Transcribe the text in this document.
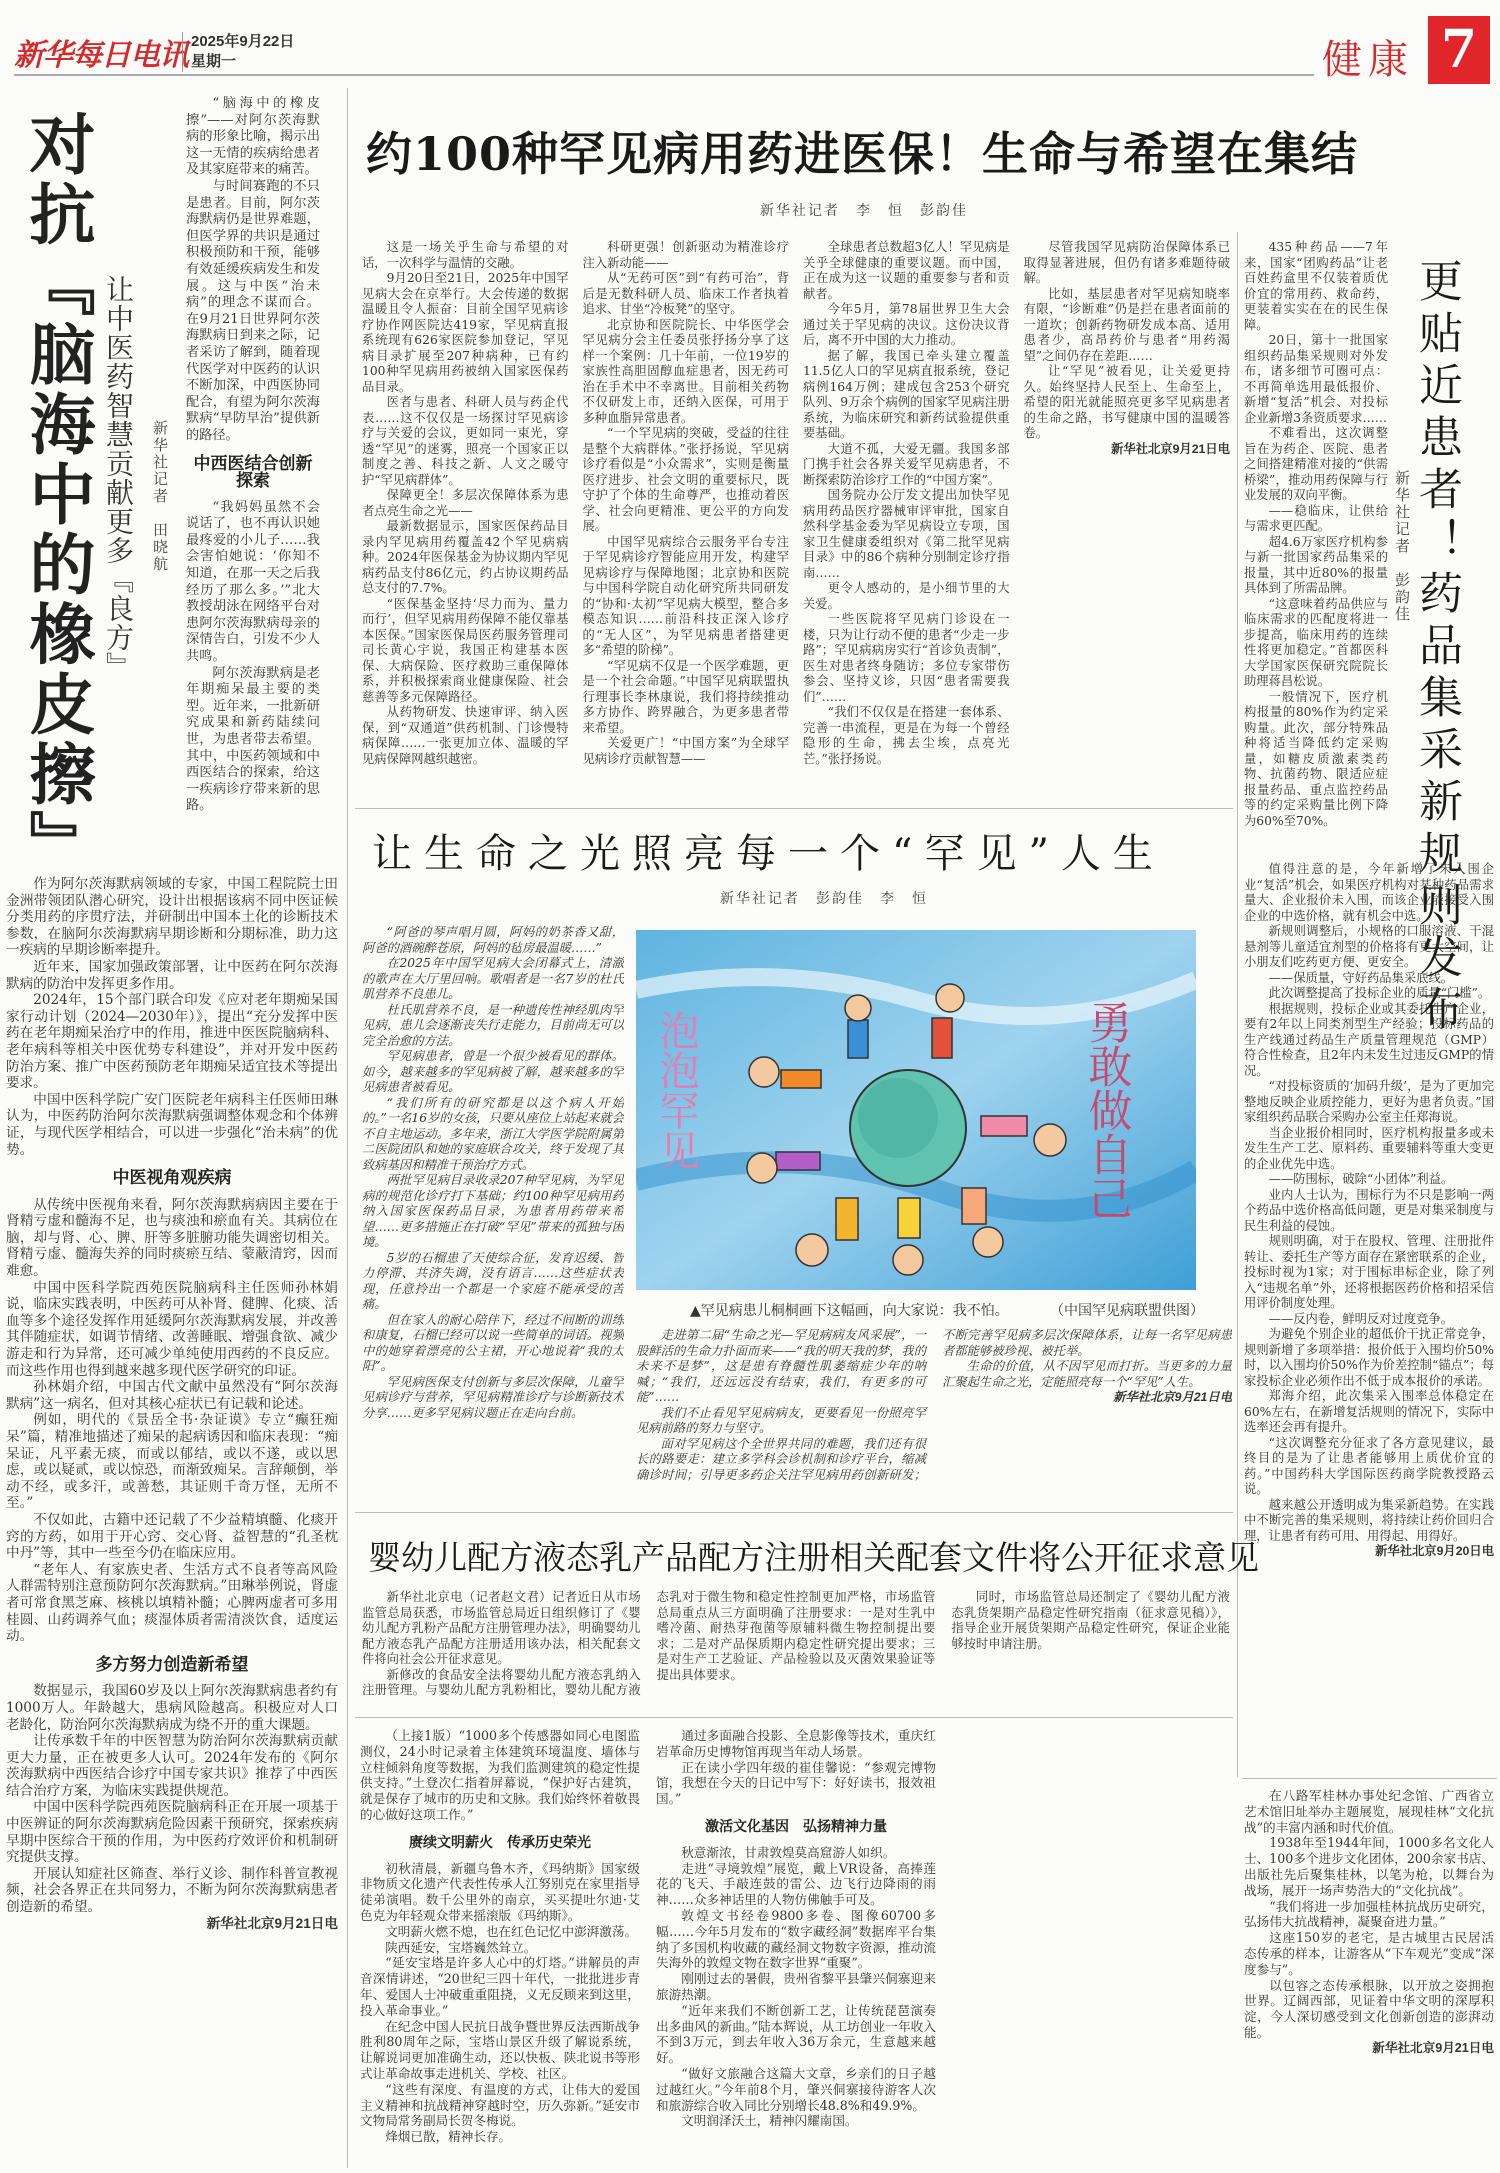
新华每日电讯 2025年9月22日
星期一	健康 7
对抗『脑海中的橡皮擦』 让中医药智慧贡献更多『良方』 新华社记者　田晓航

“脑海中的橡皮擦”——对阿尔茨海默病的形象比喻，揭示出这一无情的疾病给患者及其家庭带来的痛苦。

与时间赛跑的不只是患者。目前，阿尔茨海默病仍是世界难题，但医学界的共识是通过积极预防和干预，能够有效延缓疾病发生和发展。这与中医“治未病”的理念不谋而合。在9月21日世界阿尔茨海默病日到来之际，记者采访了解到，随着现代医学对中医药的认识不断加深，中西医协同配合，有望为阿尔茨海默病“早防早治”提供新的路径。

中西医结合创新探索

“我妈妈虽然不会说话了，也不再认识她最疼爱的小儿子……我会害怕她说：‘你知不知道，在那一天之后我经历了那么多。’”北大教授胡泳在网络平台对患阿尔茨海默病母亲的深情告白，引发不少人共鸣。

阿尔茨海默病是老年期痴呆最主要的类型。近年来，一批新研究成果和新药陆续问世，为患者带去希望。其中，中医药领域和中西医结合的探索，给这一疾病诊疗带来新的思路。

作为阿尔茨海默病领域的专家，中国工程院院士田金洲带领团队潜心研究，设计出根据该病不同中医证候分类用药的序贯疗法，并研制出中国本土化的诊断技术参数，在脑阿尔茨海默病早期诊断和分期标准，助力这一疾病的早期诊断率提升。

近年来，国家加强政策部署，让中医药在阿尔茨海默病的防治中发挥更多作用。

2024年，15个部门联合印发《应对老年期痴呆国家行动计划（2024—2030年）》，提出“充分发挥中医药在老年期痴呆治疗中的作用，推进中医医院脑病科、老年病科等相关中医优势专科建设”，并对开发中医药防治方案、推广中医药预防老年期痴呆适宜技术等提出要求。

中国中医科学院广安门医院老年病科主任医师田琳认为，中医药防治阿尔茨海默病强调整体观念和个体辨证，与现代医学相结合，可以进一步强化“治未病”的优势。

中医视角观疾病

从传统中医视角来看，阿尔茨海默病病因主要在于肾精亏虚和髓海不足，也与痰浊和瘀血有关。其病位在脑，却与肾、心、脾、肝等多脏腑功能失调密切相关。肾精亏虚、髓海失养的同时痰瘀互结、蒙蔽清窍，因而难愈。

中国中医科学院西苑医院脑病科主任医师孙林娟说，临床实践表明，中医药可从补肾、健脾、化痰、活血等多个途径发挥作用延缓阿尔茨海默病发展，并改善其伴随症状，如调节情绪、改善睡眠、增强食欲、减少游走和行为异常，还可减少单纯使用西药的不良反应。而这些作用也得到越来越多现代医学研究的印证。

孙林娟介绍，中国古代文献中虽然没有“阿尔茨海默病”这一病名，但对其核心症状已有记载和论述。

例如，明代的《景岳全书·杂证谟》专立“癫狂痴呆”篇，精准地描述了痴呆的起病诱因和临床表现：“痴呆证，凡平素无痰，而或以郁结，或以不遂，或以思虑，或以疑贰，或以惊恐，而渐致痴呆。言辞颠倒，举动不经，或多汗，或善愁，其证则千奇万怪，无所不至。”

不仅如此，古籍中还记载了不少益精填髓、化痰开窍的方药，如用于开心窍、交心肾、益智慧的“孔圣枕中丹”等，其中一些至今仍在临床应用。

“老年人、有家族史者、生活方式不良者等高风险人群需特别注意预防阿尔茨海默病。”田琳举例说，肾虚者可常食黑芝麻、核桃以填精补髓；心脾两虚者可多用桂圆、山药调养气血；痰湿体质者需清淡饮食，适度运动。

多方努力创造新希望

数据显示，我国60岁及以上阿尔茨海默病患者约有1000万人。年龄越大，患病风险越高。积极应对人口老龄化，防治阿尔茨海默病成为绕不开的重大课题。

让传承数千年的中医智慧为防治阿尔茨海默病贡献更大力量，正在被更多人认可。2024年发布的《阿尔茨海默病中西医结合诊疗中国专家共识》推荐了中西医结合治疗方案，为临床实践提供规范。

中国中医科学院西苑医院脑病科正在开展一项基于中医辨证的阿尔茨海默病危险因素干预研究，探索疾病早期中医综合干预的作用，为中医药疗效评价和机制研究提供支撑。

开展认知症社区筛查、举行义诊、制作科普宣教视频，社会各界正在共同努力，不断为阿尔茨海默病患者创造新的希望。

新华社北京9月21日电

约100种罕见病用药进医保！生命与希望在集结
新华社记者　李　恒　彭韵佳

这是一场关乎生命与希望的对话，一次科学与温情的交融。

9月20日至21日，2025年中国罕见病大会在京举行。大会传递的数据温暖且令人振奋：目前全国罕见病诊疗协作网医院达419家，罕见病直报系统现有626家医院参加登记，罕见病目录扩展至207种病种，已有约100种罕见病用药被纳入国家医保药品目录。

医者与患者、科研人员与药企代表……这不仅仅是一场探讨罕见病诊疗与关爱的会议，更如同一束光，穿透“罕见”的迷雾，照亮一个国家正以制度之善、科技之新、人文之暖守护“罕见病群体”。

保障更全！多层次保障体系为患者点亮生命之光——

最新数据显示，国家医保药品目录内罕见病用药覆盖42个罕见病病种。2024年医保基金为协议期内罕见病药品支付86亿元，约占协议期药品总支付的7.7%。

“医保基金坚持‘尽力而为、量力而行’，但罕见病用药保障不能仅靠基本医保。”国家医保局医药服务管理司司长黄心宇说，我国正构建基本医保、大病保险、医疗救助三重保障体系，并积极探索商业健康保险、社会慈善等多元保障路径。

从药物研发、快速审评、纳入医保，到“双通道”供药机制、门诊慢特病保障……一张更加立体、温暖的罕见病保障网越织越密。

科研更强！创新驱动为精准诊疗注入新动能——

从“无药可医”到“有药可治”，背后是无数科研人员、临床工作者执着追求、甘坐“冷板凳”的坚守。

北京协和医院院长、中华医学会罕见病分会主任委员张抒扬分享了这样一个案例：几十年前，一位19岁的家族性高胆固醇血症患者，因无药可治在手术中不幸离世。目前相关药物不仅研发上市，还纳入医保，可用于多种血脂异常患者。

“一个罕见病的突破，受益的往往是整个大病群体。”张抒扬说，罕见病诊疗看似是“小众需求”，实则是衡量医疗进步、社会文明的重要标尺，既守护了个体的生命尊严，也推动着医学、社会向更精准、更公平的方向发展。

中国罕见病综合云服务平台专注于罕见病诊疗智能应用开发，构建罕见病诊疗与保障地图；北京协和医院与中国科学院自动化研究所共同研发的“协和·太初”罕见病大模型，整合多模态知识……前沿科技正深入诊疗的“无人区”，为罕见病患者搭建更多“希望的阶梯”。

“罕见病不仅是一个医学难题，更是一个社会命题。”中国罕见病联盟执行理事长李林康说，我们将持续推动多方协作、跨界融合，为更多患者带来希望。

关爱更广！“中国方案”为全球罕见病诊疗贡献智慧——

全球患者总数超3亿人！罕见病是关乎全球健康的重要议题。而中国，正在成为这一议题的重要参与者和贡献者。

今年5月，第78届世界卫生大会通过关于罕见病的决议。这份决议背后，离不开中国的大力推动。

据了解，我国已牵头建立覆盖11.5亿人口的罕见病直报系统，登记病例164万例；建成包含253个研究队列、9万余个病例的国家罕见病注册系统，为临床研究和新药试验提供重要基础。

大道不孤，大爱无疆。我国多部门携手社会各界关爱罕见病患者，不断探索防治诊疗工作的“中国方案”。

国务院办公厅发文提出加快罕见病用药品医疗器械审评审批，国家自然科学基金委为罕见病设立专项，国家卫生健康委组织对《第二批罕见病目录》中的86个病种分别制定诊疗指南……

更令人感动的，是小细节里的大关爱。

一些医院将罕见病门诊设在一楼，只为让行动不便的患者“少走一步路”；罕见病病房实行“首诊负责制”，医生对患者终身随访；多位专家带伤参会、坚持义诊，只因“患者需要我们”……

“我们不仅仅是在搭建一套体系、完善一串流程，更是在为每一个曾经隐形的生命，拂去尘埃，点亮光芒。”张抒扬说。

尽管我国罕见病防治保障体系已取得显著进展，但仍有诸多难题待破解。

比如，基层患者对罕见病知晓率有限，“诊断难”仍是拦在患者面前的一道坎；创新药物研发成本高、适用患者少，高昂药价与患者“用药渴望”之间仍存在差距……

让“罕见”被看见，让关爱更持久。始终坚持人民至上、生命至上，希望的阳光就能照亮更多罕见病患者的生命之路，书写健康中国的温暖答卷。

新华社北京9月21日电	更贴近患者！药品集采新规则发布
新华社记者　彭韵佳

435种药品——7年来，国家“团购药品”让老百姓药盒里不仅装着质优价宜的常用药、救命药，更装着实实在在的民生保障。

20日，第十一批国家组织药品集采规则对外发布，诸多细节可圈可点：不再简单选用最低报价、新增“复活”机会、对投标企业新增3条资质要求……

不难看出，这次调整旨在为药企、医院、患者之间搭建精准对接的“供需桥梁”，推动用药保障与行业发展的双向平衡。

——稳临床，让供给与需求更匹配。

超4.6万家医疗机构参与新一批国家药品集采的报量，其中近80%的报量具体到了所需品牌。

“这意味着药品供应与临床需求的匹配度将进一步提高，临床用药的连续性将更加稳定。”首都医科大学国家医保研究院院长助理蒋昌松说。

一般情况下，医疗机构报量的80%作为约定采购量。此次，部分特殊品种将适当降低约定采购量，如糖皮质激素类药物、抗菌药物、限适应症报量药品、重点监控药品等的约定采购量比例下降为60%至70%。

值得注意的是，今年新增了未入围企业“复活”机会，如果医疗机构对某种药品需求量大、企业报价未入围，而该企业能接受入围企业的中选价格，就有机会中选。

新规则调整后，小规格的口服溶液、干混悬剂等儿童适宜剂型的价格将有更大空间，让小朋友们吃药更方便、更安全。

——保质量，守好药品集采底线。

此次调整提高了投标企业的质量“门槛”。

根据规则，投标企业或其委托生产企业，要有2年以上同类剂型生产经验；投标药品的生产线通过药品生产质量管理规范（GMP）符合性检查，且2年内未发生过违反GMP的情况。

“对投标资质的‘加码升级’，是为了更加完整地反映企业质控能力，更好为患者负责。”国家组织药品联合采购办公室主任郑海说。

当企业报价相同时，医疗机构报量多或未发生生产工艺、原料药、重要辅料等重大变更的企业优先中选。

——防围标，破除“小团体”利益。

业内人士认为，围标行为不只是影响一两个药品中选价格高低问题，更是对集采制度与民生利益的侵蚀。

规则明确，对于在股权、管理、注册批件转让、委托生产等方面存在紧密联系的企业，投标时视为1家；对于围标串标企业，除了列入“违规名单”外，还将根据医药价格和招采信用评价制度处理。

——反内卷，鲜明反对过度竞争。

为避免个别企业的超低价干扰正常竞争，规则新增了多项举措：报价低于入围均价50%时，以入围均价50%作为价差控制“锚点”；每家投标企业必须作出不低于成本报价的承诺。

郑海介绍，此次集采入围率总体稳定在60%左右，在新增复活规则的情况下，实际中选率还会再有提升。

“这次调整充分征求了各方意见建议，最终目的是为了让患者能够用上质优价宜的药。”中国药科大学国际医药商学院教授路云说。

越来越公开透明成为集采新趋势。在实践中不断完善的集采规则，将持续让药价回归合理，让患者有药可用、用得起、用得好。

新华社北京9月20日电

让生命之光照亮每一个“罕见”人生
新华社记者　彭韵佳　李　恒

“阿爸的琴声唱月圆，阿妈的奶茶香又甜，阿爸的酒碗醉苍原，阿妈的毡房最温暖……”

在2025年中国罕见病大会闭幕式上，清澈的歌声在大厅里回响。歌唱者是一名7岁的杜氏肌营养不良患儿。

杜氏肌营养不良，是一种遗传性神经肌肉罕见病，患儿会逐渐丧失行走能力，目前尚无可以完全治愈的方法。

罕见病患者，曾是一个很少被看见的群体。如今，越来越多的罕见病被了解，越来越多的罕见病患者被看见。

“我们所有的研究都是以这个病人开始的。”一名16岁的女孩，只要从座位上站起来就会不自主地运动。多年来，浙江大学医学院附属第二医院团队和她的家庭联合攻关，终于发现了其致病基因和精准干预治疗方式。

两批罕见病目录收录207种罕见病，为罕见病的规范化诊疗打下基础；约100种罕见病用药纳入国家医保药品目录，为患者用药带来希望……更多措施正在打破“罕见”带来的孤独与困境。

5岁的石榴患了天使综合征，发育迟缓、智力停滞、共济失调，没有语言……这些症状表现，任意拎出一个都是一个家庭不能承受的苦痛。

但在家人的耐心陪伴下，经过不间断的训练和康复，石榴已经可以说一些简单的词语。视频中的她穿着漂亮的公主裙，开心地说着“我的太阳”。

罕见病医保支付创新与多层次保障，儿童罕见病诊疗与营养，罕见病精准诊疗与诊断新技术分享……更多罕见病议题正在走向台前。

泡泡罕见	勇敢做自己
▲罕见病患儿桐桐画下这幅画，向大家说：我不怕。	（中国罕见病联盟供图）

走进第二届“生命之光—罕见病病友风采展”，一股鲜活的生命力扑面而来——“我的明天我的梦，我的未来不是梦”，这是患有脊髓性肌萎缩症少年的呐喊；“我们，还远远没有结束，我们，有更多的可能”……

我们不止看见罕见病病友，更要看见一份照亮罕见病前路的努力与坚守。

面对罕见病这个全世界共同的难题，我们还有很长的路要走：建立多学科会诊机制和诊疗平台，缩减确诊时间；引导更多药企关注罕见病用药创新研发；不断完善罕见病多层次保障体系，让每一名罕见病患者都能够被珍视、被托举。

生命的价值，从不因罕见而打折。当更多的力量汇聚起生命之光，定能照亮每一个“罕见”人生。

新华社北京9月21日电

婴幼儿配方液态乳产品配方注册相关配套文件将公开征求意见

新华社北京电（记者赵文君）记者近日从市场监管总局获悉，市场监管总局近日组织修订了《婴幼儿配方乳粉产品配方注册管理办法》，明确婴幼儿配方液态乳产品配方注册适用该办法，相关配套文件将向社会公开征求意见。

新修改的食品安全法将婴幼儿配方液态乳纳入注册管理。与婴幼儿配方乳粉相比，婴幼儿配方液态乳对于微生物和稳定性控制更加严格，市场监管总局重点从三方面明确了注册要求：一是对生乳中嗜冷菌、耐热芽孢菌等原辅料微生物控制提出要求；二是对产品保质期内稳定性研究提出要求；三是对生产工艺验证、产品检验以及灭菌效果验证等提出具体要求。

同时，市场监管总局还制定了《婴幼儿配方液态乳货架期产品稳定性研究指南（征求意见稿）》，指导企业开展货架期产品稳定性研究，保证企业能够按时申请注册。

（上接1版）“1000多个传感器如同心电图监测仪，24小时记录着主体建筑环境温度、墙体与立柱倾斜角度等数据，为我们监测建筑的稳定性提供支持。”土登次仁指着屏幕说，“保护好古建筑，就是保存了城市的历史和文脉。我们始终怀着敬畏的心做好这项工作。”

赓续文明薪火　传承历史荣光

初秋清晨，新疆乌鲁木齐，《玛纳斯》国家级非物质文化遗产代表性传承人江努别克在家里指导徒弟演唱。数千公里外的南京，买买提吐尔迪·艾色克为年轻观众带来摇滚版《玛纳斯》。

文明薪火燃不熄，也在红色记忆中澎湃激荡。

陕西延安，宝塔巍然耸立。

“延安宝塔是许多人心中的灯塔。”讲解员的声音深情讲述，“20世纪三四十年代，一批批进步青年、爱国人士冲破重重阻挠，义无反顾来到这里，投入革命事业。”

在纪念中国人民抗日战争暨世界反法西斯战争胜利80周年之际，宝塔山景区升级了解说系统，让解说词更加准确生动，还以快板、陕北说书等形式让革命故事走进机关、学校、社区。

“这些有深度、有温度的方式，让伟大的爱国主义精神和抗战精神穿越时空，历久弥新。”延安市文物局常务副局长贺冬梅说。

烽烟已散，精神长存。

通过多面融合投影、全息影像等技术，重庆红岩革命历史博物馆再现当年动人场景。

正在读小学四年级的崔佳馨说：“参观完博物馆，我想在今天的日记中写下：好好读书，报效祖国。”

激活文化基因　弘扬精神力量

秋意渐浓，甘肃敦煌莫高窟游人如织。

走进“寻境敦煌”展览，戴上VR设备，高捧莲花的飞天、手敲连鼓的雷公、边飞行边降雨的雨神……众多神话里的人物仿佛触手可及。

敦煌文书经卷9800多卷、图像60700多幅……今年5月发布的“数字藏经洞”数据库平台集纳了多国机构收藏的藏经洞文物数字资源，推动流失海外的敦煌文物在数字世界“重聚”。

刚刚过去的暑假，贵州省黎平县肇兴侗寨迎来旅游热潮。

“近年来我们不断创新工艺，让传统琵琶演奏出多曲风的新曲。”陆本辉说，从工坊创业一年收入不到3万元，到去年收入36万余元，生意越来越好。

“做好文旅融合这篇大文章，乡亲们的日子越过越红火。”今年前8个月，肇兴侗寨接待游客人次和旅游综合收入同比分别增长48.8%和49.9%。

文明润泽沃土，精神闪耀南国。

在八路军桂林办事处纪念馆、广西省立艺术馆旧址举办主题展览，展现桂林“文化抗战”的丰富内涵和时代价值。

1938年至1944年间，1000多名文化人士、100多个进步文化团体，200余家书店、出版社先后聚集桂林，以笔为枪，以舞台为战场，展开一场声势浩大的“文化抗战”。

“我们将进一步加强桂林抗战历史研究，弘扬伟大抗战精神，凝聚奋进力量。”

这座150岁的老宅，是古城里古民居活态传承的样本，让游客从“下车观光”变成“深度参与”。

以包容之态传承根脉，以开放之姿拥抱世界。辽阔西部，见证着中华文明的深厚积淀，今人深切感受到文化创新创造的澎湃动能。

新华社北京9月21日电
